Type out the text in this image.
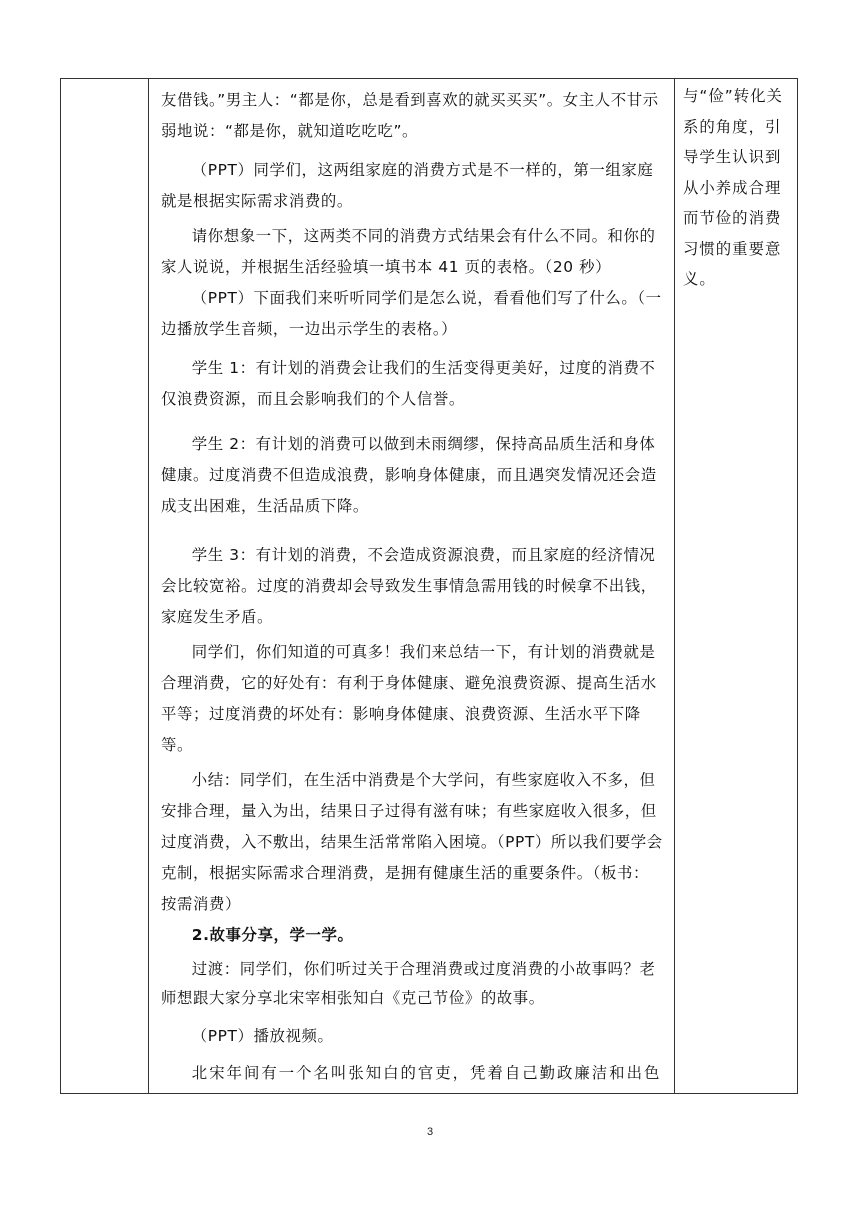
友借钱。”男主人：“都是你，总是看到喜欢的就买买买”。女主人不甘示弱地说：“都是你，就知道吃吃吃”。

（PPT）同学们，这两组家庭的消费方式是不一样的，第一组家庭就是根据实际需求消费的。

请你想象一下，这两类不同的消费方式结果会有什么不同。和你的家人说说，并根据生活经验填一填书本 41 页的表格。（20 秒）

（PPT）下面我们来听听同学们是怎么说，看看他们写了什么。（一边播放学生音频，一边出示学生的表格。）

学生 1：有计划的消费会让我们的生活变得更美好，过度的消费不仅浪费资源，而且会影响我们的个人信誉。

学生 2：有计划的消费可以做到未雨绸缪，保持高品质生活和身体健康。过度消费不但造成浪费，影响身体健康，而且遇突发情况还会造成支出困难，生活品质下降。

学生 3：有计划的消费，不会造成资源浪费，而且家庭的经济情况会比较宽裕。过度的消费却会导致发生事情急需用钱的时候拿不出钱，家庭发生矛盾。

同学们，你们知道的可真多！我们来总结一下，有计划的消费就是合理消费，它的好处有：有利于身体健康、避免浪费资源、提高生活水平等；过度消费的坏处有：影响身体健康、浪费资源、生活水平下降等。

小结：同学们，在生活中消费是个大学问，有些家庭收入不多，但安排合理，量入为出，结果日子过得有滋有味；有些家庭收入很多，但过度消费，入不敷出，结果生活常常陷入困境。（PPT）所以我们要学会克制，根据实际需求合理消费，是拥有健康生活的重要条件。（板书：按需消费）

2.故事分享，学一学。

过渡：同学们，你们听过关于合理消费或过度消费的小故事吗？老师想跟大家分享北宋宰相张知白《克己节俭》的故事。

（PPT）播放视频。

北宋年间有一个名叫张知白的官吏，凭着自己勤政廉洁和出色

与“俭”转化关系的角度，引导学生认识到从小养成合理而节俭的消费习惯的重要意义。

3
